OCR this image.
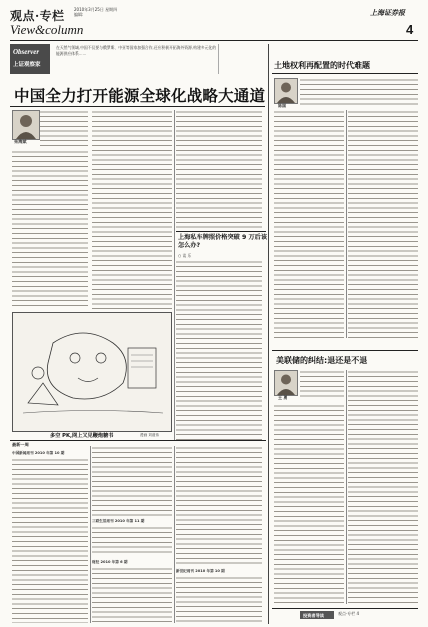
观点·专栏 2010年3月25日 星期四
编辑:	上海证券报
View&column	4
Observer
上证观察家
在天然气领域,中国不仅要与俄罗斯、中亚等国家加强合作,还应积极开拓海外资源,构建多元化的能源供应体系……
中国全力打开能源全球化战略大通道
朱海斌
多空 PK,网上又见鞭炮糖书	漫画 刘道伟
上海私车牌照价格突破 9 万后该怎么办?
○ 谈 乐
最新一周
中国新闻周刊 2010 年第 10 期
三联生活周刊 2010 年第 11 期
财经 2010 年第 6 期
新世纪周刊 2010 年第 10 期
土地权利再配置的时代难题
陈国
美联储的纠结:退还是不退
王 勇
投资者导读	观点·专栏 4
